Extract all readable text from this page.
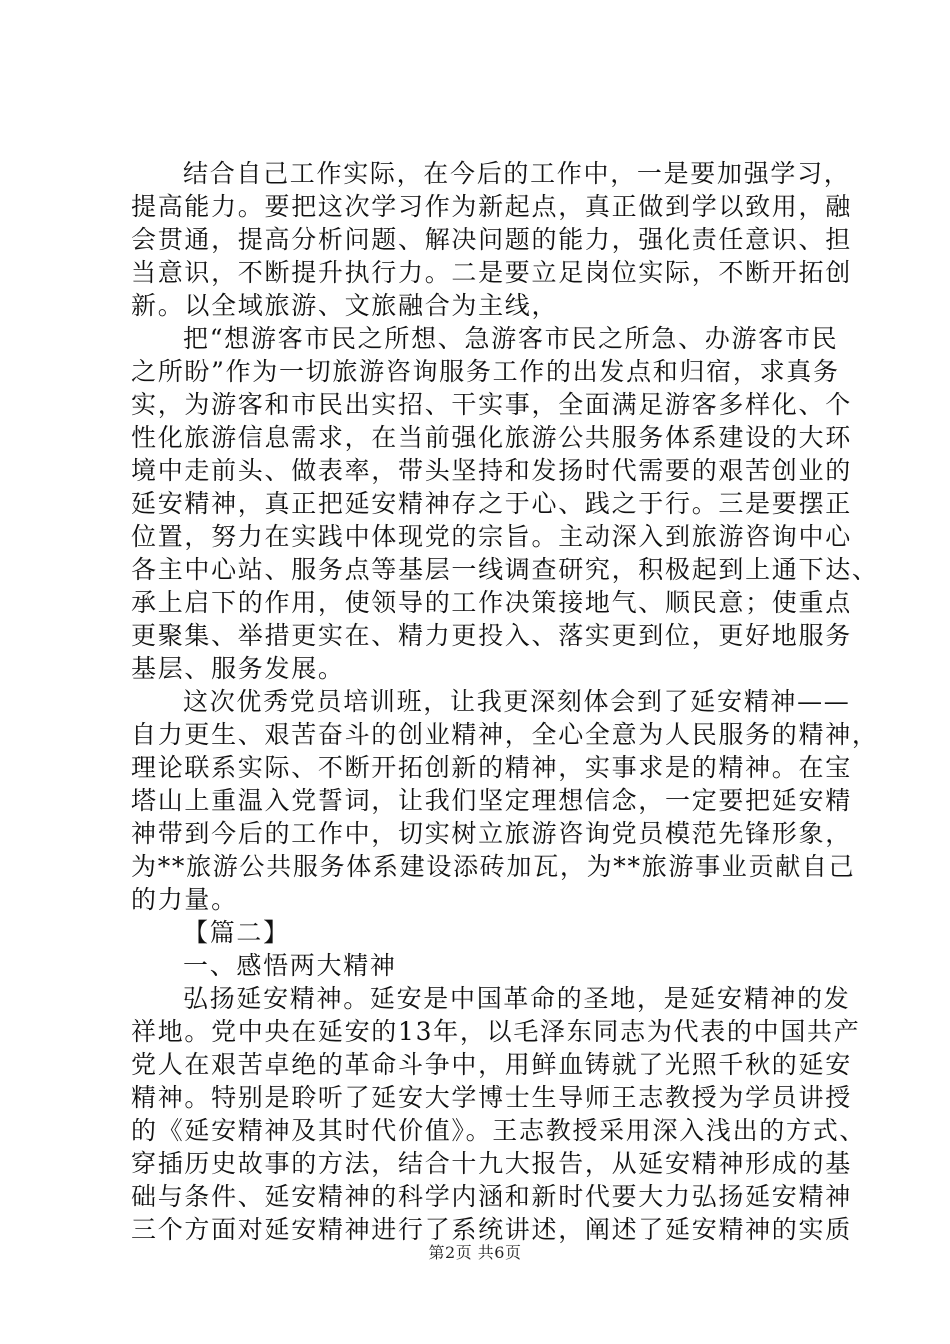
结合自己工作实际，在今后的工作中，一是要加强学习，
提高能力。要把这次学习作为新起点，真正做到学以致用，融
会贯通，提高分析问题、解决问题的能力，强化责任意识、担
当意识，不断提升执行力。二是要立足岗位实际，不断开拓创
新。以全域旅游、文旅融合为主线，
把“想游客市民之所想、急游客市民之所急、办游客市民
之所盼”作为一切旅游咨询服务工作的出发点和归宿，求真务
实，为游客和市民出实招、干实事，全面满足游客多样化、个
性化旅游信息需求，在当前强化旅游公共服务体系建设的大环
境中走前头、做表率，带头坚持和发扬时代需要的艰苦创业的
延安精神，真正把延安精神存之于心、践之于行。三是要摆正
位置，努力在实践中体现党的宗旨。主动深入到旅游咨询中心
各主中心站、服务点等基层一线调查研究，积极起到上通下达、
承上启下的作用，使领导的工作决策接地气、顺民意；使重点
更聚集、举措更实在、精力更投入、落实更到位，更好地服务
基层、服务发展。
这次优秀党员培训班，让我更深刻体会到了延安精神——
自力更生、艰苦奋斗的创业精神，全心全意为人民服务的精神，
理论联系实际、不断开拓创新的精神，实事求是的精神。在宝
塔山上重温入党誓词，让我们坚定理想信念，一定要把延安精
神带到今后的工作中，切实树立旅游咨询党员模范先锋形象，
为**旅游公共服务体系建设添砖加瓦，为**旅游事业贡献自己
的力量。
【篇二】
一、感悟两大精神
弘扬延安精神。延安是中国革命的圣地，是延安精神的发
祥地。党中央在延安的13年，以毛泽东同志为代表的中国共产
党人在艰苦卓绝的革命斗争中，用鲜血铸就了光照千秋的延安
精神。特别是聆听了延安大学博士生导师王志教授为学员讲授
的《延安精神及其时代价值》。王志教授采用深入浅出的方式、
穿插历史故事的方法，结合十九大报告，从延安精神形成的基
础与条件、延安精神的科学内涵和新时代要大力弘扬延安精神
三个方面对延安精神进行了系统讲述，阐述了延安精神的实质
第2页 共6页
